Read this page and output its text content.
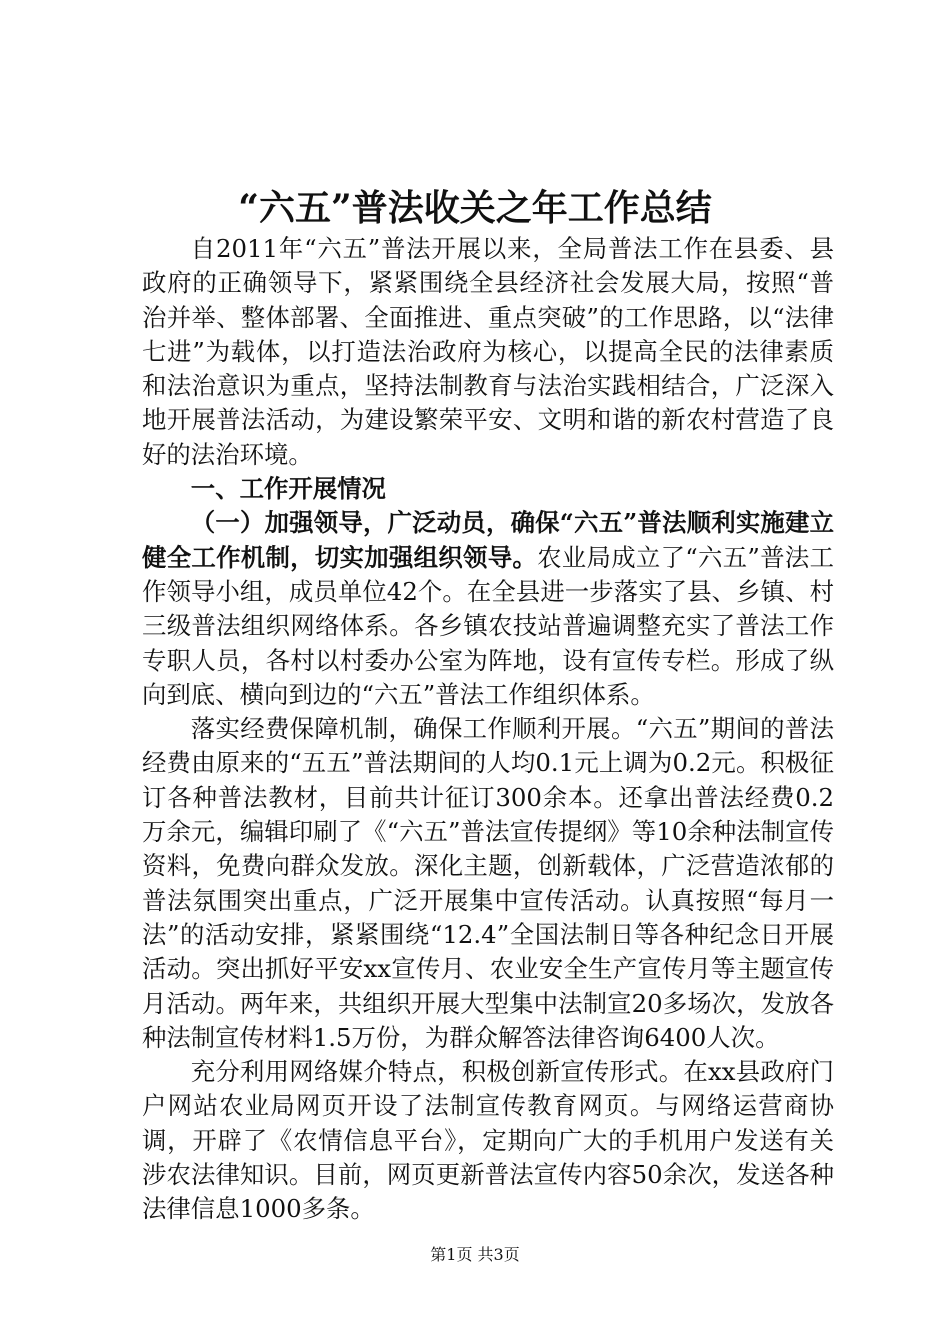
“六五”普法收关之年工作总结

自2011年“六五”普法开展以来，全局普法工作在县委、县政府的正确领导下，紧紧围绕全县经济社会发展大局，按照“普治并举、整体部署、全面推进、重点突破”的工作思路，以“法律七进”为载体，以打造法治政府为核心，以提高全民的法律素质和法治意识为重点，坚持法制教育与法治实践相结合，广泛深入地开展普法活动，为建设繁荣平安、文明和谐的新农村营造了良好的法治环境。

一、工作开展情况

（一）加强领导，广泛动员，确保“六五”普法顺利实施建立健全工作机制，切实加强组织领导。农业局成立了“六五”普法工作领导小组，成员单位42个。在全县进一步落实了县、乡镇、村三级普法组织网络体系。各乡镇农技站普遍调整充实了普法工作专职人员，各村以村委办公室为阵地，设有宣传专栏。形成了纵向到底、横向到边的“六五”普法工作组织体系。

落实经费保障机制，确保工作顺利开展。“六五”期间的普法经费由原来的“五五”普法期间的人均0.1元上调为0.2元。积极征订各种普法教材，目前共计征订300余本。还拿出普法经费0.2万余元，编辑印刷了《“六五”普法宣传提纲》等10余种法制宣传资料，免费向群众发放。深化主题，创新载体，广泛营造浓郁的普法氛围突出重点，广泛开展集中宣传活动。认真按照“每月一法”的活动安排，紧紧围绕“12.4”全国法制日等各种纪念日开展活动。突出抓好平安xx宣传月、农业安全生产宣传月等主题宣传月活动。两年来，共组织开展大型集中法制宣20多场次，发放各种法制宣传材料1.5万份，为群众解答法律咨询6400人次。

充分利用网络媒介特点，积极创新宣传形式。在xx县政府门户网站农业局网页开设了法制宣传教育网页。与网络运营商协调，开辟了《农情信息平台》，定期向广大的手机用户发送有关涉农法律知识。目前，网页更新普法宣传内容50余次，发送各种法律信息1000多条。

第1页 共3页
